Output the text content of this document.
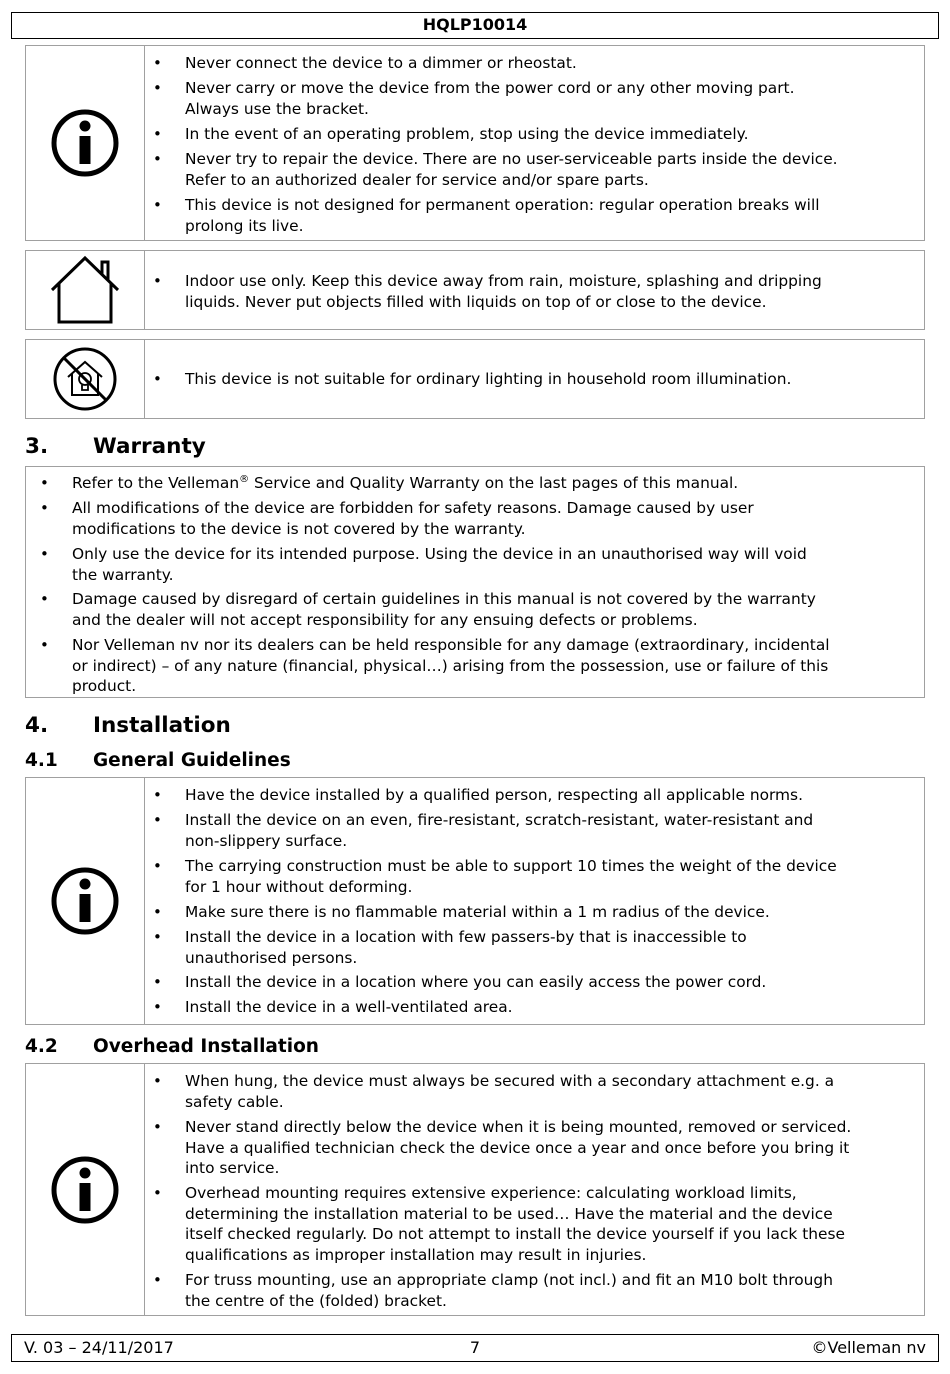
HQLP10014
• Never connect the device to a dimmer or rheostat.
• Never carry or move the device from the power cord or any other moving part.
Always use the bracket.
• In the event of an operating problem, stop using the device immediately.
• Never try to repair the device. There are no user-serviceable parts inside the device.
Refer to an authorized dealer for service and/or spare parts.
• This device is not designed for permanent operation: regular operation breaks will
prolong its live.
• Indoor use only. Keep this device away from rain, moisture, splashing and dripping
liquids. Never put objects filled with liquids on top of or close to the device.
• This device is not suitable for ordinary lighting in household room illumination.
3. Warranty
• Refer to the Velleman® Service and Quality Warranty on the last pages of this manual.
• All modifications of the device are forbidden for safety reasons. Damage caused by user
modifications to the device is not covered by the warranty.
• Only use the device for its intended purpose. Using the device in an unauthorised way will void
the warranty.
• Damage caused by disregard of certain guidelines in this manual is not covered by the warranty
and the dealer will not accept responsibility for any ensuing defects or problems.
• Nor Velleman nv nor its dealers can be held responsible for any damage (extraordinary, incidental
or indirect) – of any nature (financial, physical…) arising from the possession, use or failure of this
product.
4. Installation
4.1 General Guidelines
• Have the device installed by a qualified person, respecting all applicable norms.
• Install the device on an even, fire-resistant, scratch-resistant, water-resistant and
non-slippery surface.
• The carrying construction must be able to support 10 times the weight of the device
for 1 hour without deforming.
• Make sure there is no flammable material within a 1 m radius of the device.
• Install the device in a location with few passers-by that is inaccessible to
unauthorised persons.
• Install the device in a location where you can easily access the power cord.
• Install the device in a well-ventilated area.
4.2 Overhead Installation
• When hung, the device must always be secured with a secondary attachment e.g. a
safety cable.
• Never stand directly below the device when it is being mounted, removed or serviced.
Have a qualified technician check the device once a year and once before you bring it
into service.
• Overhead mounting requires extensive experience: calculating workload limits,
determining the installation material to be used… Have the material and the device
itself checked regularly. Do not attempt to install the device yourself if you lack these
qualifications as improper installation may result in injuries.
• For truss mounting, use an appropriate clamp (not incl.) and fit an M10 bolt through
the centre of the (folded) bracket.
V. 03 – 24/11/2017	7	©Velleman nv
